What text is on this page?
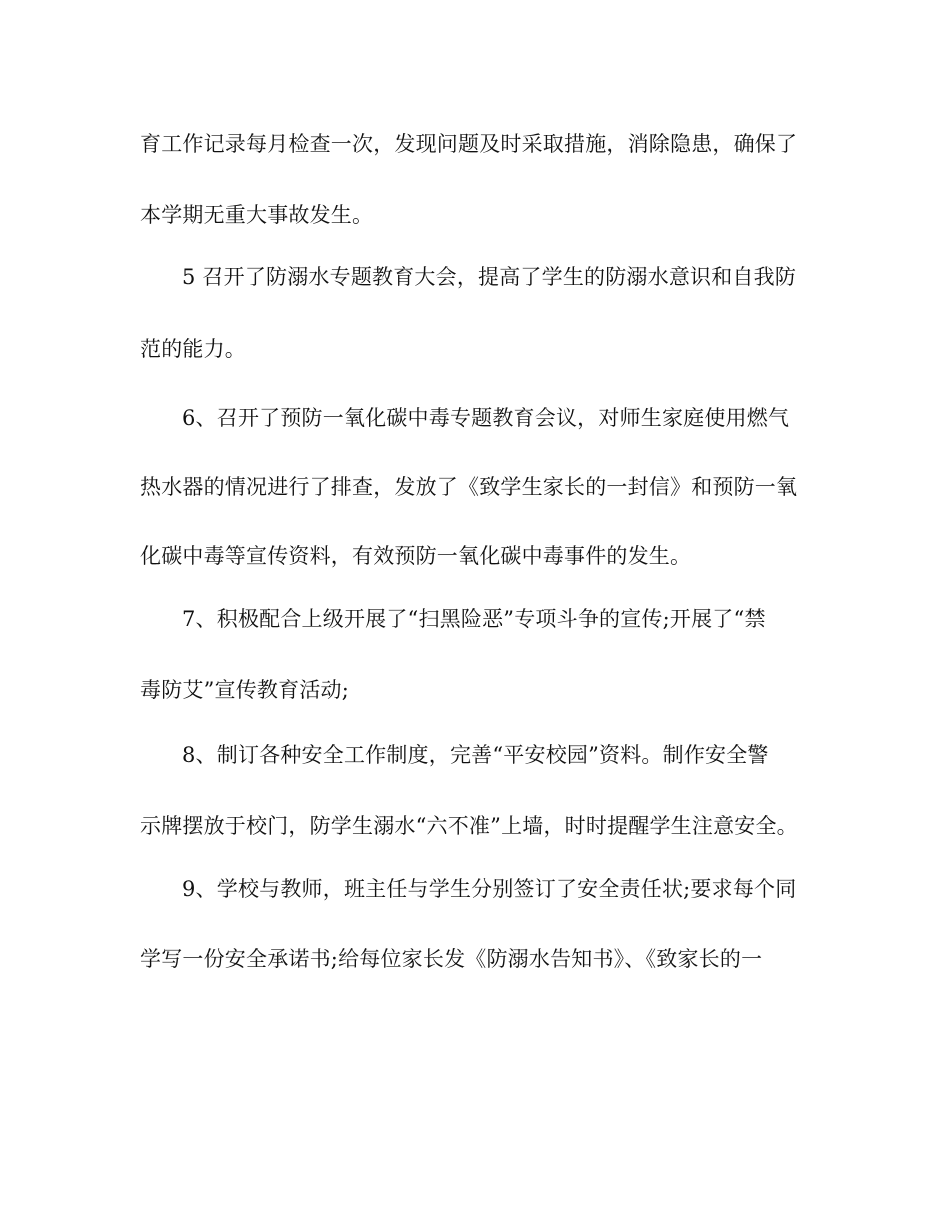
育工作记录每月检查一次，发现问题及时采取措施，消除隐患，确保了
本学期无重大事故发生。
5 召开了防溺水专题教育大会，提高了学生的防溺水意识和自我防
范的能力。
6、召开了预防一氧化碳中毒专题教育会议，对师生家庭使用燃气
热水器的情况进行了排查，发放了《致学生家长的一封信》和预防一氧
化碳中毒等宣传资料，有效预防一氧化碳中毒事件的发生。
7、积极配合上级开展了“扫黑险恶”专项斗争的宣传;开展了“禁
毒防艾”宣传教育活动;
8、制订各种安全工作制度，完善“平安校园”资料。制作安全警
示牌摆放于校门，防学生溺水“六不准”上墙，时时提醒学生注意安全。
9、学校与教师，班主任与学生分别签订了安全责任状;要求每个同
学写一份安全承诺书;给每位家长发《防溺水告知书》、《致家长的一
